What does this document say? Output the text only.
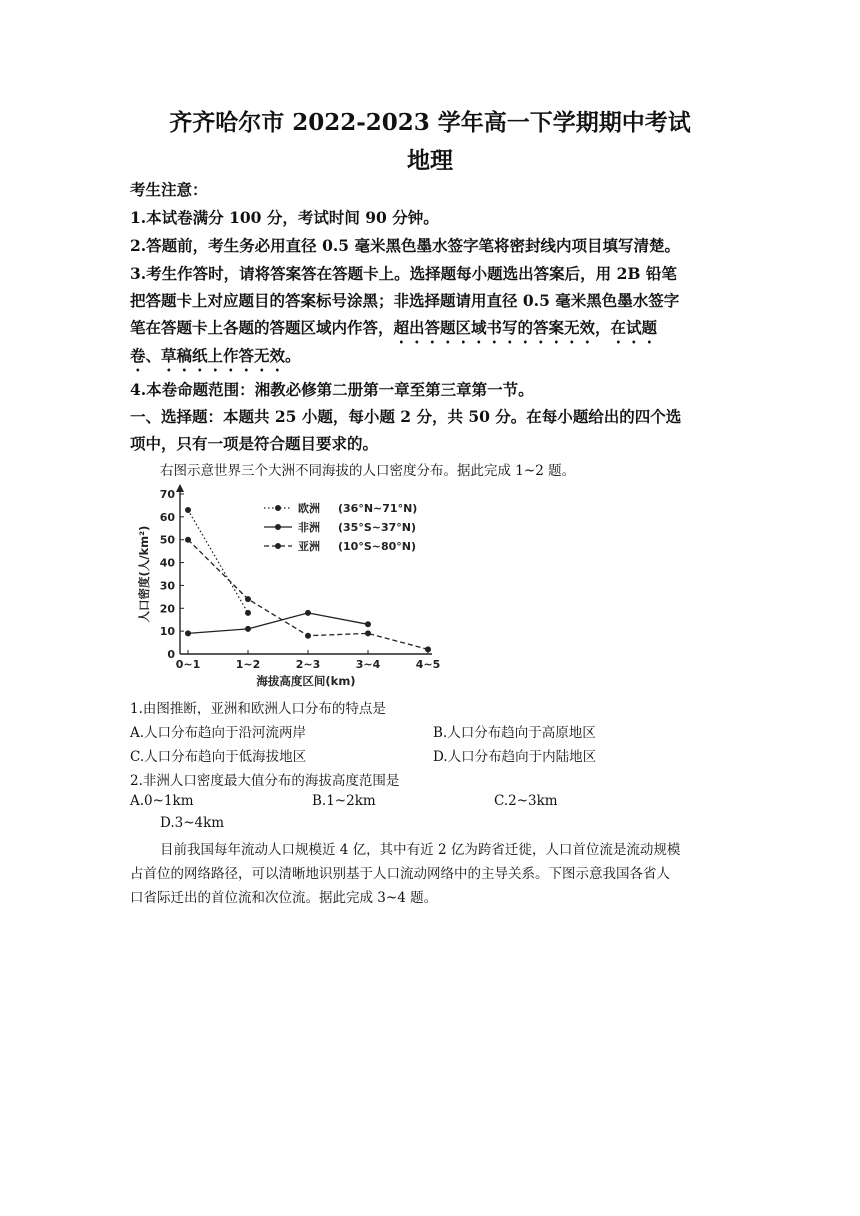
齐齐哈尔市 2022-2023 学年高一下学期期中考试
地理
考生注意：
1.本试卷满分 100 分，考试时间 90 分钟。
2.答题前，考生务必用直径 0.5 毫米黑色墨水签字笔将密封线内项目填写清楚。
3.考生作答时，请将答案答在答题卡上。选择题每小题选出答案后，用 2B 铅笔
把答题卡上对应题目的答案标号涂黑；非选择题请用直径 0.5 毫米黑色墨水签字
笔在答题卡上各题的答题区域内作答，超出答题区域书写的答案无效，在试题
卷、草稿纸上作答无效。
4.本卷命题范围：湘教必修第二册第一章至第三章第一节。
一、选择题：本题共 25 小题，每小题 2 分，共 50 分。在每小题给出的四个选
项中，只有一项是符合题目要求的。
右图示意世界三个大洲不同海拔的人口密度分布。据此完成 1~2 题。
0
10
20
30
40
50
60
70
0~1	1~2	2~3	3~4	4~5
人口密度(人/km²)
海拔高度区间(km)
欧洲 (36°N~71°N)
非洲 (35°S~37°N)
亚洲 (10°S~80°N)
1.由图推断，亚洲和欧洲人口分布的特点是
A.人口分布趋向于沿河流两岸	B.人口分布趋向于高原地区
C.人口分布趋向于低海拔地区	D.人口分布趋向于内陆地区
2.非洲人口密度最大值分布的海拔高度范围是
A.0~1km	B.1~2km	C.2~3km
D.3~4km
目前我国每年流动人口规模近 4 亿，其中有近 2 亿为跨省迁徙，人口首位流是流动规模
占首位的网络路径，可以清晰地识别基于人口流动网络中的主导关系。下图示意我国各省人
口省际迁出的首位流和次位流。据此完成 3~4 题。
